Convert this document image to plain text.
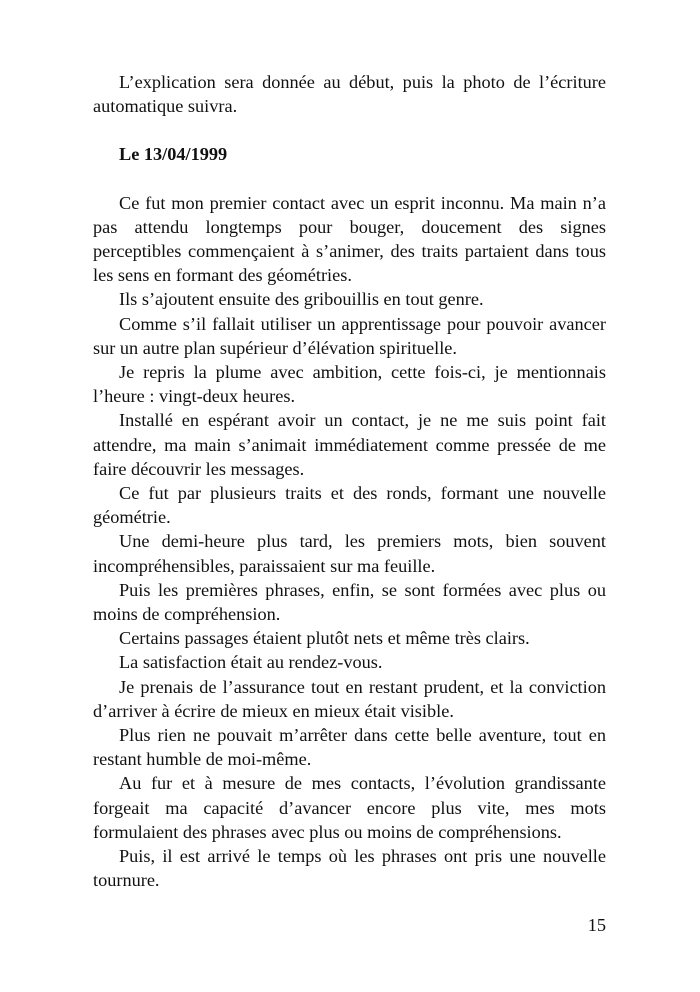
L’explication sera donnée au début, puis la photo de l’écriture automatique suivra.

Le 13/04/1999

Ce fut mon premier contact avec un esprit inconnu. Ma main n’a pas attendu longtemps pour bouger, doucement des signes perceptibles commençaient à s’animer, des traits partaient dans tous les sens en formant des géométries.

Ils s’ajoutent ensuite des gribouillis en tout genre.

Comme s’il fallait utiliser un apprentissage pour pouvoir avancer sur un autre plan supérieur d’élévation spirituelle.

Je repris la plume avec ambition, cette fois-ci, je mentionnais l’heure : vingt-deux heures.

Installé en espérant avoir un contact, je ne me suis point fait attendre, ma main s’animait immédiatement comme pressée de me faire découvrir les messages.

Ce fut par plusieurs traits et des ronds, formant une nouvelle géométrie.

Une demi-heure plus tard, les premiers mots, bien souvent incompréhensibles, paraissaient sur ma feuille.

Puis les premières phrases, enfin, se sont formées avec plus ou moins de compréhension.

Certains passages étaient plutôt nets et même très clairs.

La satisfaction était au rendez-vous.

Je prenais de l’assurance tout en restant prudent, et la conviction d’arriver à écrire de mieux en mieux était visible.

Plus rien ne pouvait m’arrêter dans cette belle aventure, tout en restant humble de moi-même.

Au fur et à mesure de mes contacts, l’évolution grandissante forgeait ma capacité d’avancer encore plus vite, mes mots formulaient des phrases avec plus ou moins de compréhensions.

Puis, il est arrivé le temps où les phrases ont pris une nouvelle tournure.

15
